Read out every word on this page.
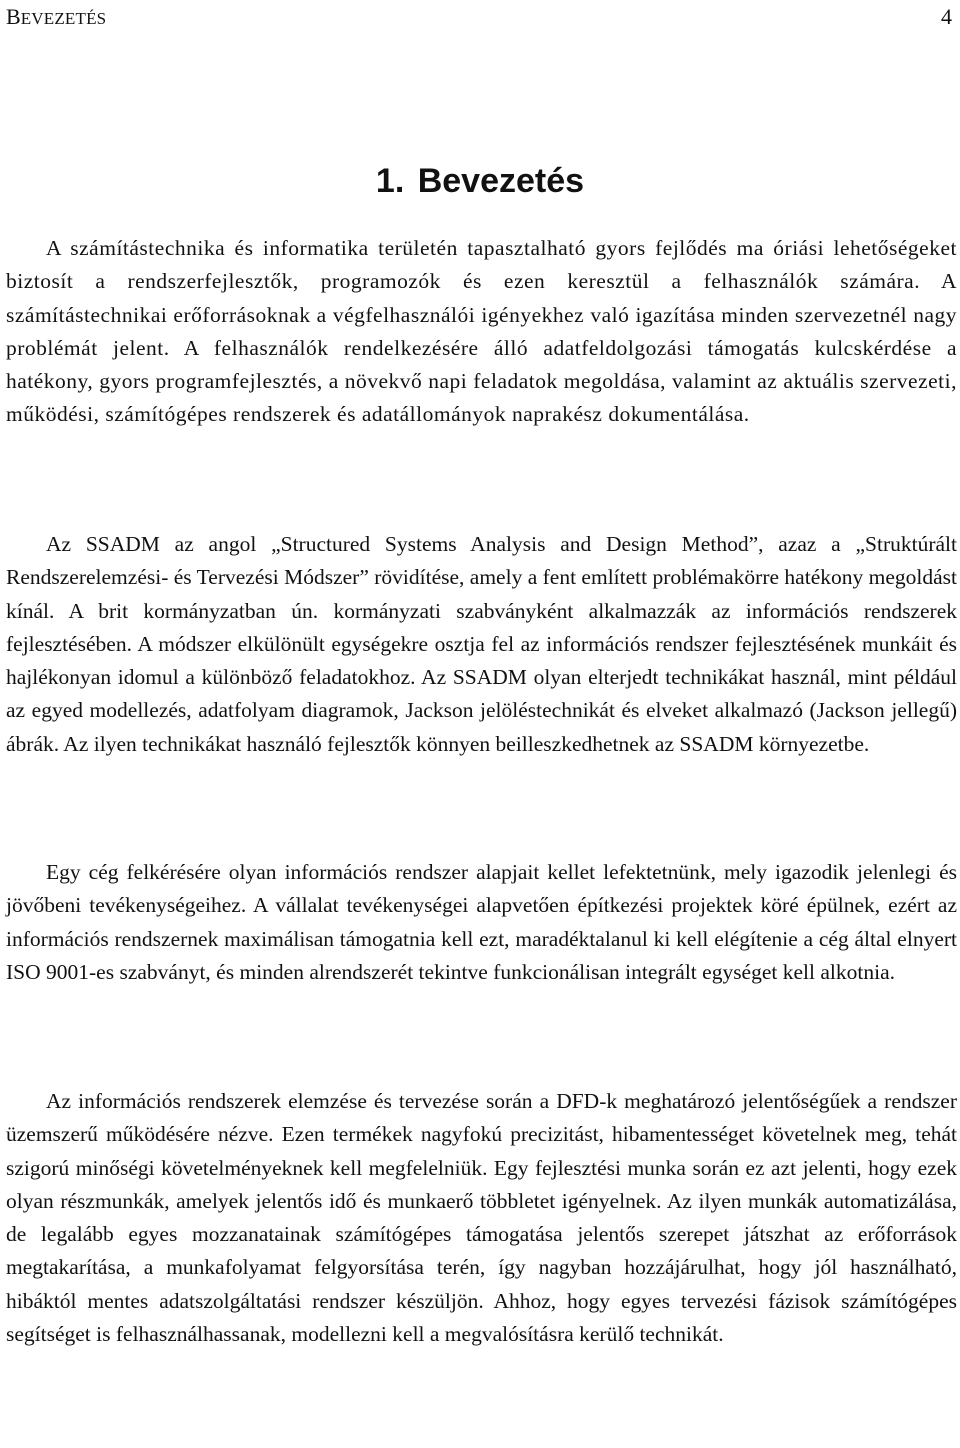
BEVEZETÉS	4
1. Bevezetés

A számítástechnika és informatika területén tapasztalható gyors fejlődés ma óriási lehetőségeket biztosít a rendszerfejlesztők, programozók és ezen keresztül a felhasználók számára. A számítástechnikai erőforrásoknak a végfelhasználói igényekhez való igazítása minden szervezetnél nagy problémát jelent. A felhasználók rendelkezésére álló adatfeldolgozási támogatás kulcskérdése a hatékony, gyors programfejlesztés, a növekvő napi feladatok megoldása, valamint az aktuális szervezeti, működési, számítógépes rendszerek és adatállományok naprakész dokumentálása.

Az SSADM az angol „Structured Systems Analysis and Design Method”, azaz a „Struktúrált Rendszerelemzési- és Tervezési Módszer” rövidítése, amely a fent említett problémakörre hatékony megoldást kínál. A brit kormányzatban ún. kormányzati szabványként alkalmazzák az információs rendszerek fejlesztésében. A módszer elkülönült egységekre osztja fel az információs rendszer fejlesztésének munkáit és hajlékonyan idomul a különböző feladatokhoz. Az SSADM olyan elterjedt technikákat használ, mint például az egyed modellezés, adatfolyam diagramok, Jackson jelöléstechnikát és elveket alkalmazó (Jackson jellegű) ábrák. Az ilyen technikákat használó fejlesztők könnyen beilleszkedhetnek az SSADM környezetbe.

Egy cég felkérésére olyan információs rendszer alapjait kellet lefektetnünk, mely igazodik jelenlegi és jövőbeni tevékenységeihez. A vállalat tevékenységei alapvetően építkezési projektek köré épülnek, ezért az információs rendszernek maximálisan támogatnia kell ezt, maradéktalanul ki kell elégítenie a cég által elnyert ISO 9001-es szabványt, és minden alrendszerét tekintve funkcionálisan integrált egységet kell alkotnia.

Az információs rendszerek elemzése és tervezése során a DFD-k meghatározó jelentőségűek a rendszer üzemszerű működésére nézve. Ezen termékek nagyfokú precizitást, hibamentességet követelnek meg, tehát szigorú minőségi követelményeknek kell megfelelniük. Egy fejlesztési munka során ez azt jelenti, hogy ezek olyan részmunkák, amelyek jelentős idő és munkaerő többletet igényelnek. Az ilyen munkák automatizálása, de legalább egyes mozzanatainak számítógépes támogatása jelentős szerepet játszhat az erőforrások megtakarítása, a munkafolyamat felgyorsítása terén, így nagyban hozzájárulhat, hogy jól használható, hibáktól mentes adatszolgáltatási rendszer készüljön. Ahhoz, hogy egyes tervezési fázisok számítógépes segítséget is felhasználhassanak, modellezni kell a megvalósításra kerülő technikát.
